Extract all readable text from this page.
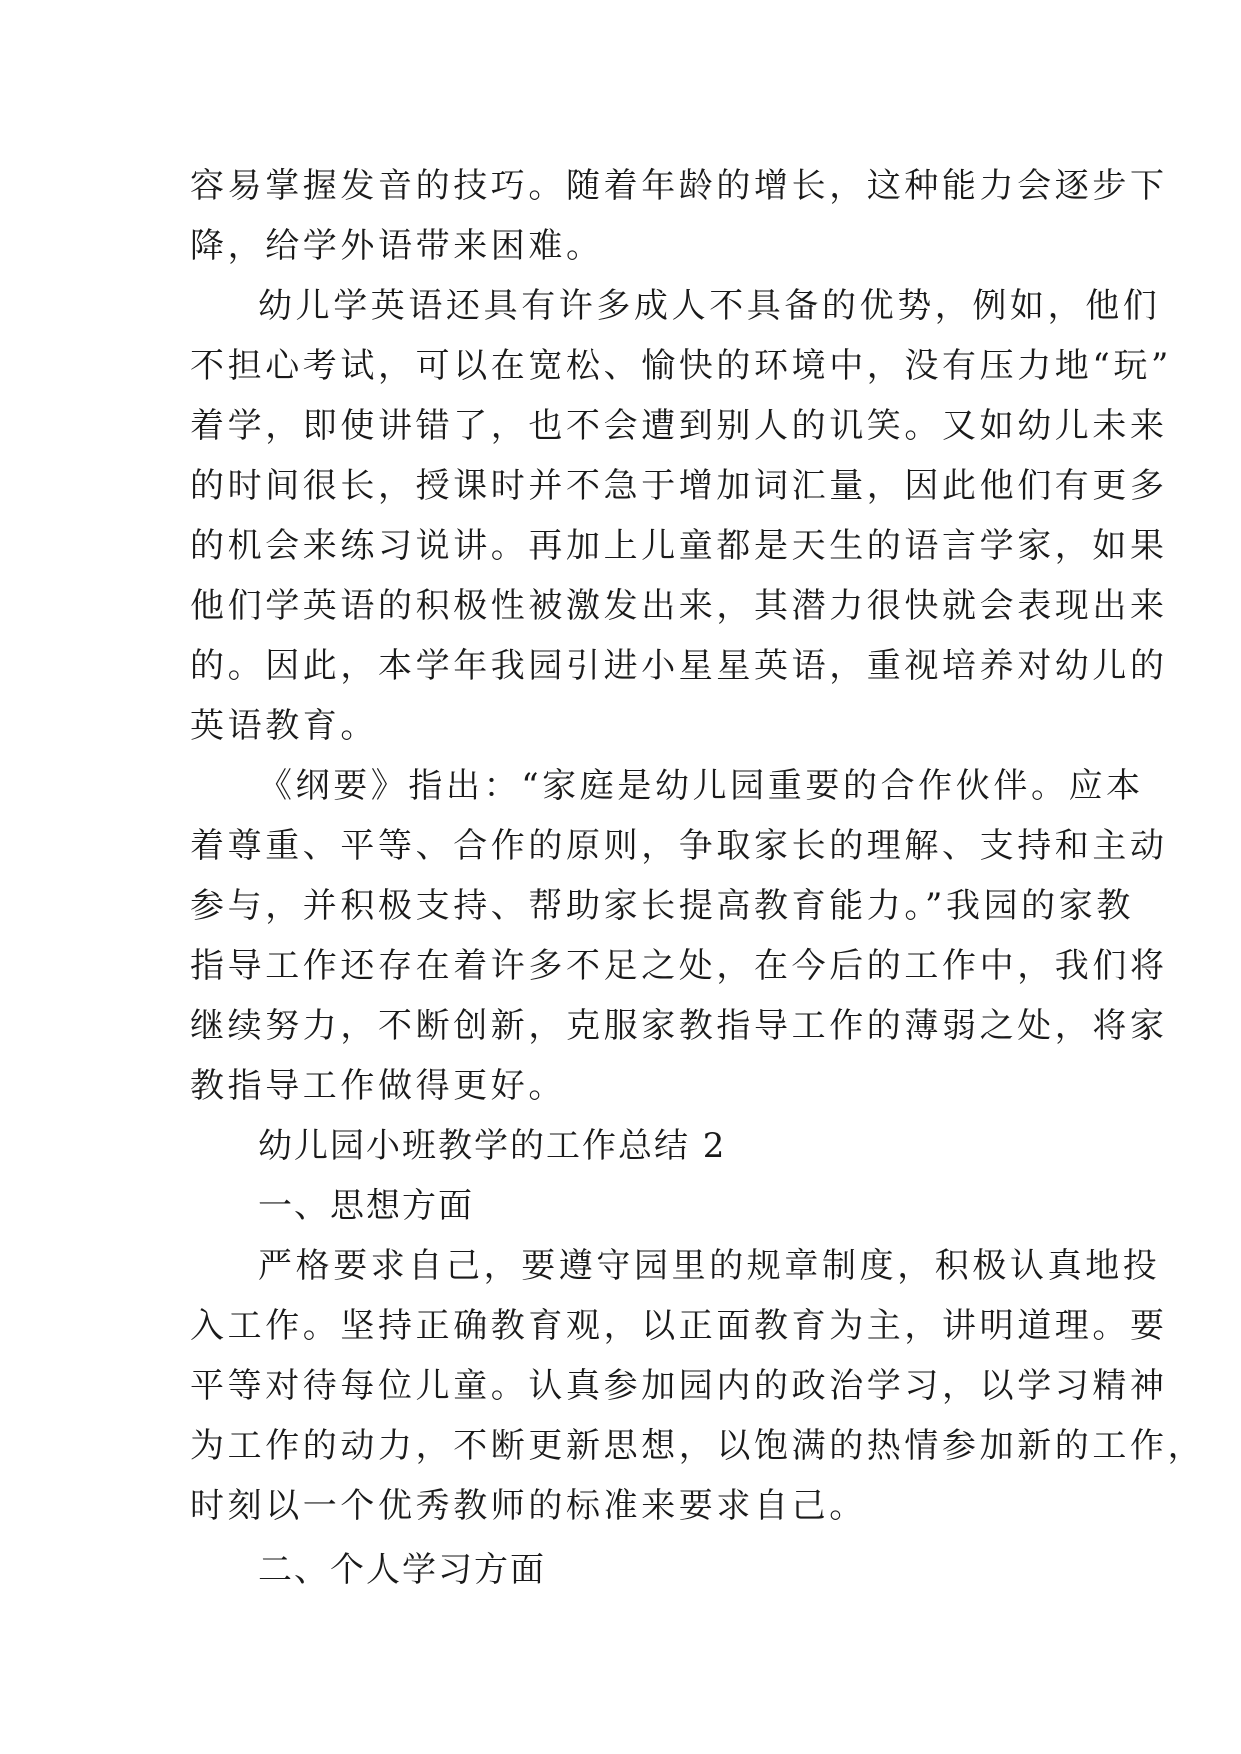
容易掌握发音的技巧。随着年龄的增长，这种能力会逐步下
降，给学外语带来困难。
幼儿学英语还具有许多成人不具备的优势，例如，他们
不担心考试，可以在宽松、愉快的环境中，没有压力地“玩”
着学，即使讲错了，也不会遭到别人的讥笑。又如幼儿未来
的时间很长，授课时并不急于增加词汇量，因此他们有更多
的机会来练习说讲。再加上儿童都是天生的语言学家，如果
他们学英语的积极性被激发出来，其潜力很快就会表现出来
的。因此，本学年我园引进小星星英语，重视培养对幼儿的
英语教育。
《纲要》指出：“家庭是幼儿园重要的合作伙伴。应本
着尊重、平等、合作的原则，争取家长的理解、支持和主动
参与，并积极支持、帮助家长提高教育能力。”我园的家教
指导工作还存在着许多不足之处，在今后的工作中，我们将
继续努力，不断创新，克服家教指导工作的薄弱之处，将家
教指导工作做得更好。
幼儿园小班教学的工作总结 2
一、思想方面
严格要求自己，要遵守园里的规章制度，积极认真地投
入工作。坚持正确教育观，以正面教育为主，讲明道理。要
平等对待每位儿童。认真参加园内的政治学习，以学习精神
为工作的动力，不断更新思想，以饱满的热情参加新的工作，
时刻以一个优秀教师的标准来要求自己。
二、个人学习方面
